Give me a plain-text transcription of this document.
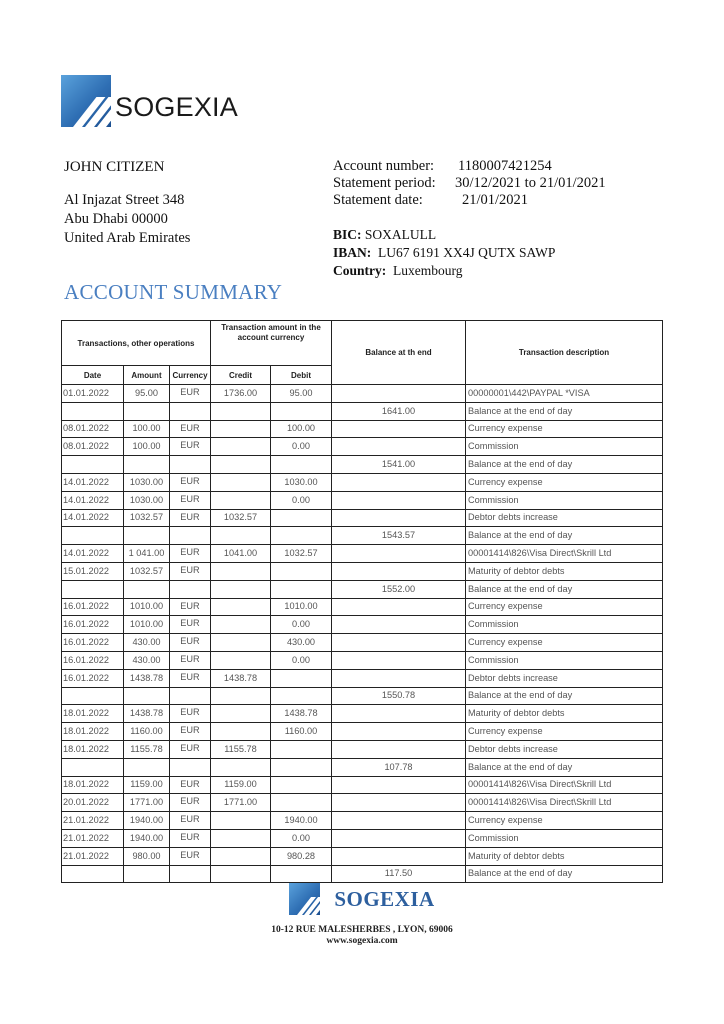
SOGEXIA
JOHN CITIZEN
Al Injazat Street 348
Abu Dhabi 00000
United Arab Emirates
Account number:	1180007421254
Statement period:	30/12/2021 to 21/01/2021
Statement date:	21/01/2021
BIC: SOXALULL
IBAN: LU67 6191 XX4J QUTX SAWP
Country: Luxembourg
ACCOUNT SUMMARY
Transactions, other operations			Transaction amount in the account currency		Balance at th end	Transaction description
Date	Amount	Currency	Credit	Debit		
01.01.2022	95.00	EUR	1736.00	95.00		00000001\442\PAYPAL *VISA
					1641.00	Balance at the end of day
08.01.2022	100.00	EUR		100.00		Currency expense
08.01.2022	100.00	EUR		0.00		Commission
					1541.00	Balance at the end of day
14.01.2022	1030.00	EUR		1030.00		Currency expense
14.01.2022	1030.00	EUR		0.00		Commission
14.01.2022	1032.57	EUR	1032.57			Debtor debts increase
					1543.57	Balance at the end of day
14.01.2022	1 041.00	EUR	1041.00	1032.57		00001414\826\Visa Direct\Skrill Ltd
15.01.2022	1032.57	EUR				Maturity of debtor debts
					1552.00	Balance at the end of day
16.01.2022	1010.00	EUR		1010.00		Currency expense
16.01.2022	1010.00	EUR		0.00		Commission
16.01.2022	430.00	EUR		430.00		Currency expense
16.01.2022	430.00	EUR		0.00		Commission
16.01.2022	1438.78	EUR	1438.78			Debtor debts increase
					1550.78	Balance at the end of day
18.01.2022	1438.78	EUR		1438.78		Maturity of debtor debts
18.01.2022	1160.00	EUR		1160.00		Currency expense
18.01.2022	1155.78	EUR	1155.78			Debtor debts increase
					107.78	Balance at the end of day
18.01.2022	1159.00	EUR	1159.00			00001414\826\Visa Direct\Skrill Ltd
20.01.2022	1771.00	EUR	1771.00			00001414\826\Visa Direct\Skrill Ltd
21.01.2022	1940.00	EUR		1940.00		Currency expense
21.01.2022	1940.00	EUR		0.00		Commission
21.01.2022	980.00	EUR		980.28		Maturity of debtor debts
					117.50	Balance at the end of day
SOGEXIA
10-12 RUE MALESHERBES , LYON, 69006
www.sogexia.com
